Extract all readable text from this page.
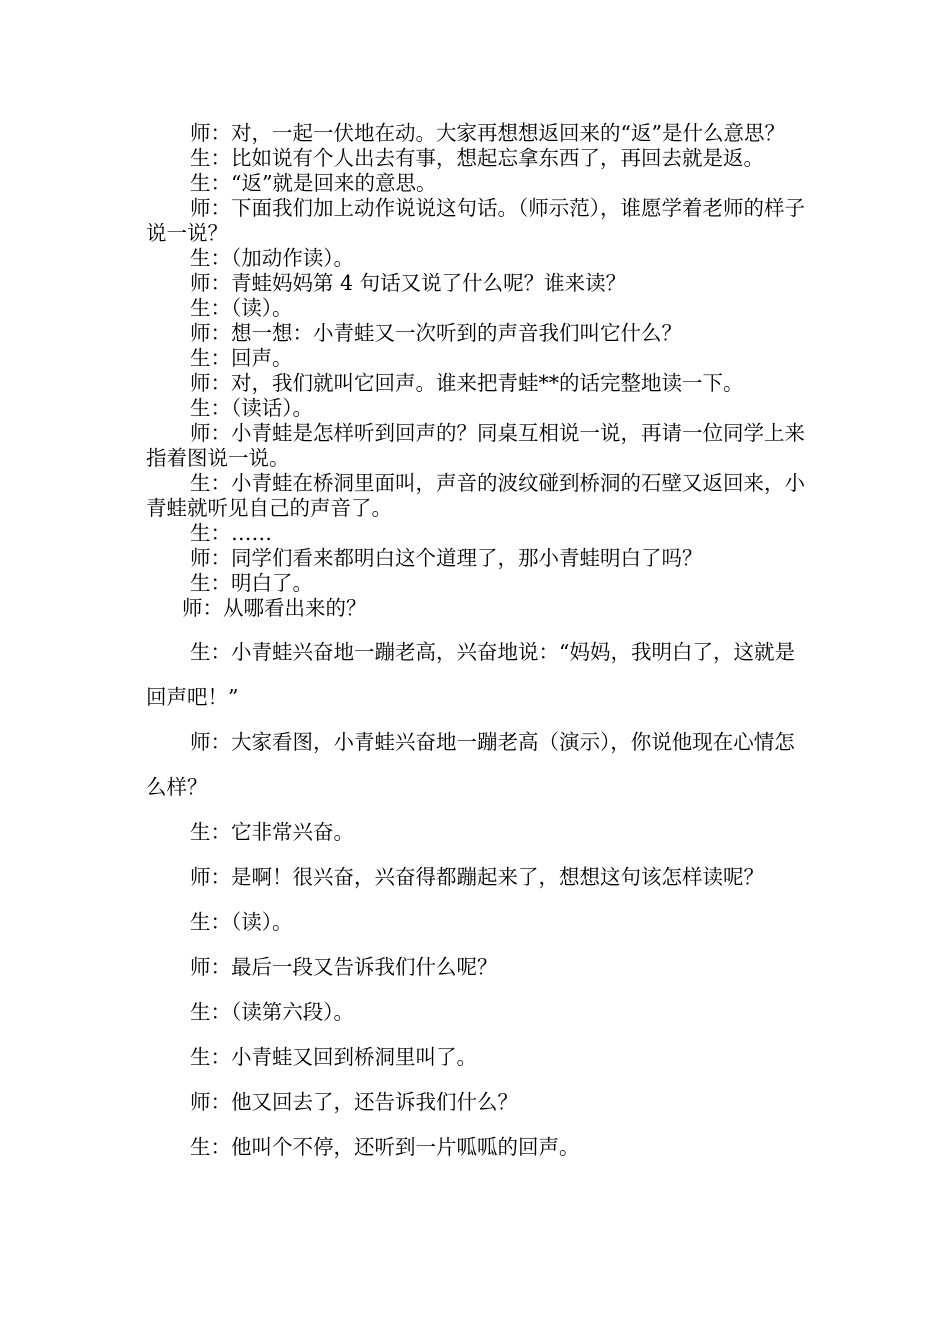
师：对，一起一伏地在动。大家再想想返回来的“返”是什么意思？

生：比如说有个人出去有事，想起忘拿东西了，再回去就是返。

生：“返”就是回来的意思。

师：下面我们加上动作说说这句话。（师示范），谁愿学着老师的样子说一说？

生：（加动作读）。

师：青蛙妈妈第 4 句话又说了什么呢？谁来读？

生：（读）。

师：想一想：小青蛙又一次听到的声音我们叫它什么？

生：回声。

师：对，我们就叫它回声。谁来把青蛙**的话完整地读一下。

生：（读话）。

师：小青蛙是怎样听到回声的？同桌互相说一说，再请一位同学上来指着图说一说。

生：小青蛙在桥洞里面叫，声音的波纹碰到桥洞的石壁又返回来，小青蛙就听见自己的声音了。

生：……

师：同学们看来都明白这个道理了，那小青蛙明白了吗？

生：明白了。

师：从哪看出来的？

生：小青蛙兴奋地一蹦老高，兴奋地说：“妈妈，我明白了，这就是回声吧！”

师：大家看图，小青蛙兴奋地一蹦老高（演示），你说他现在心情怎么样？

生：它非常兴奋。

师：是啊！很兴奋，兴奋得都蹦起来了，想想这句该怎样读呢？

生：（读）。

师：最后一段又告诉我们什么呢？

生：（读第六段）。

生：小青蛙又回到桥洞里叫了。

师：他又回去了，还告诉我们什么？

生：他叫个不停，还听到一片呱呱的回声。
